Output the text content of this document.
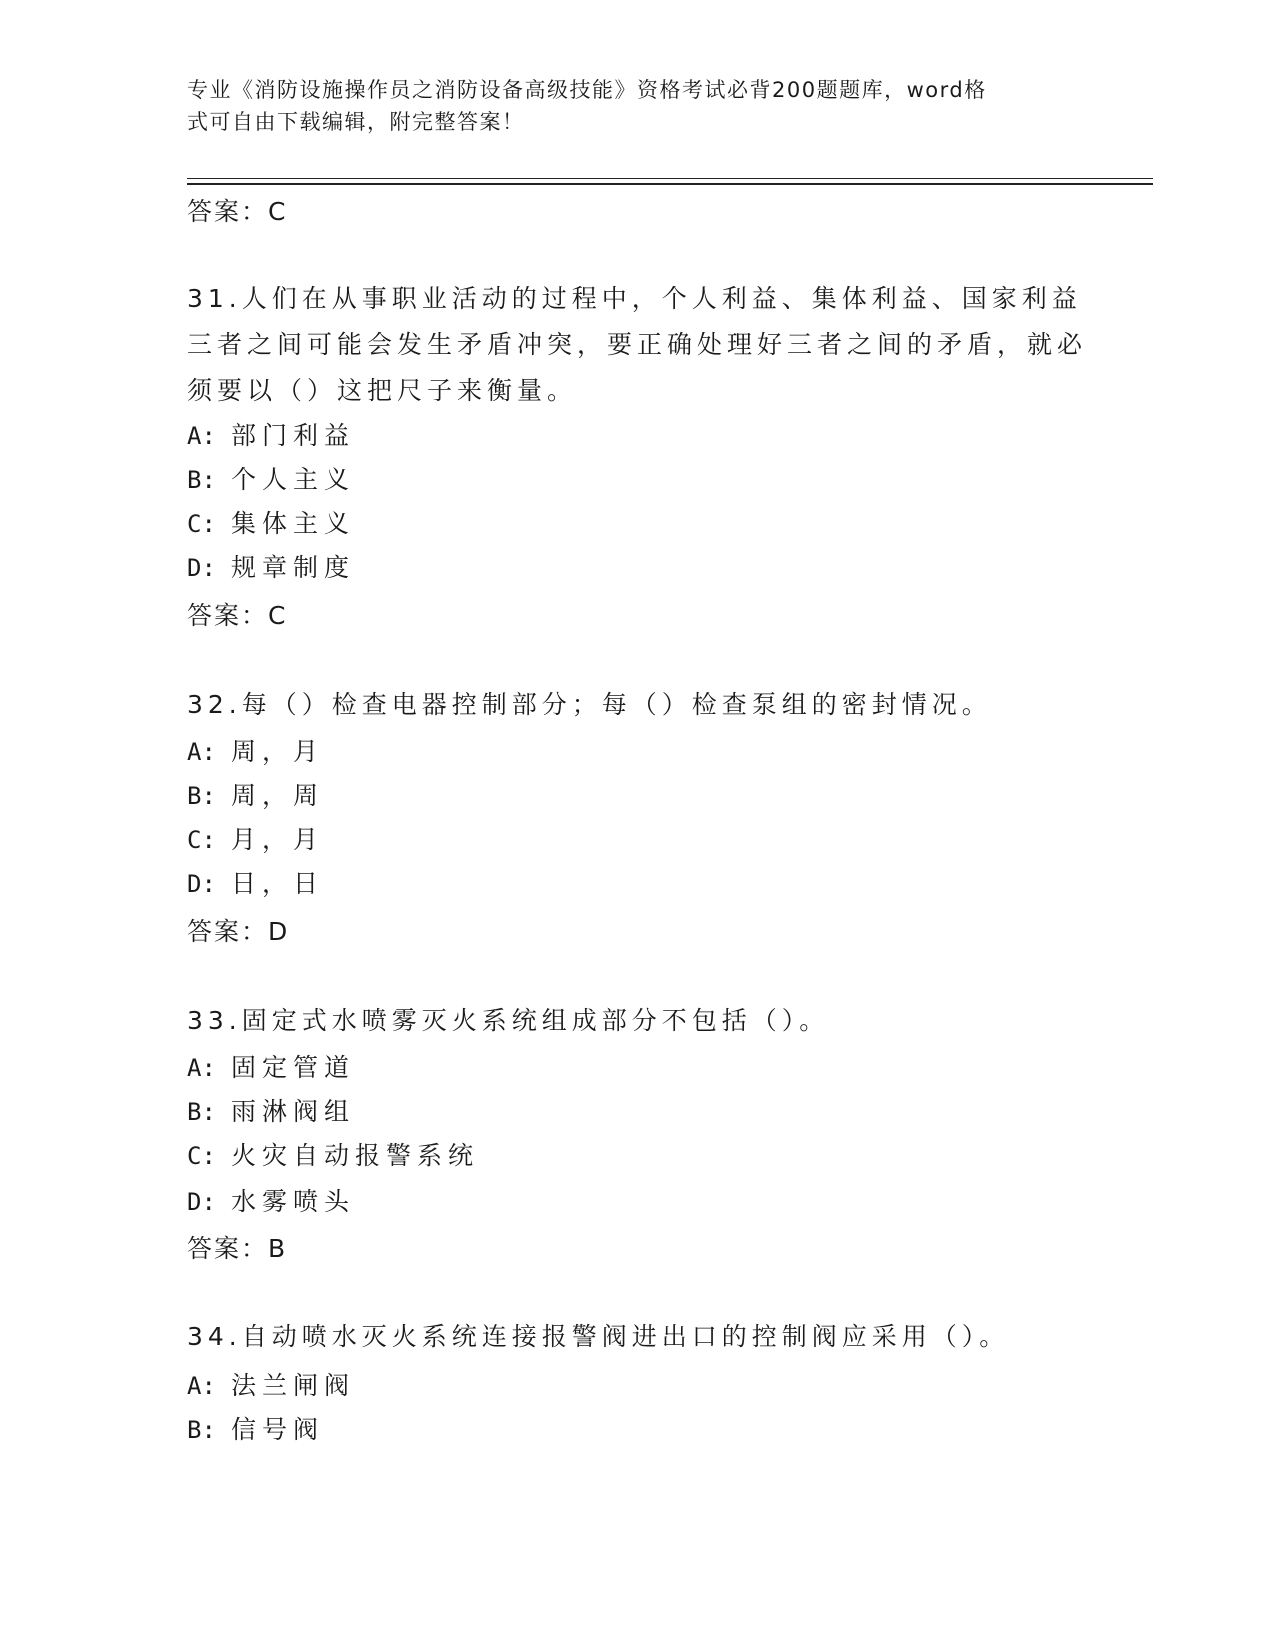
专业《消防设施操作员之消防设备高级技能》资格考试必背200题题库，word格
式可自由下载编辑，附完整答案！
答案：C
31.人们在从事职业活动的过程中，个人利益、集体利益、国家利益三者之间可能会发生矛盾冲突，要正确处理好三者之间的矛盾，就必须要以（）这把尺子来衡量。
A: 部门利益
B: 个人主义
C: 集体主义
D: 规章制度
答案：C
32.每（）检查电器控制部分；每（）检查泵组的密封情况。
A: 周，月
B: 周，周
C: 月，月
D: 日，日
答案：D
33.固定式水喷雾灭火系统组成部分不包括（）。
A: 固定管道
B: 雨淋阀组
C: 火灾自动报警系统
D: 水雾喷头
答案：B
34.自动喷水灭火系统连接报警阀进出口的控制阀应采用（）。
A: 法兰闸阀
B: 信号阀
